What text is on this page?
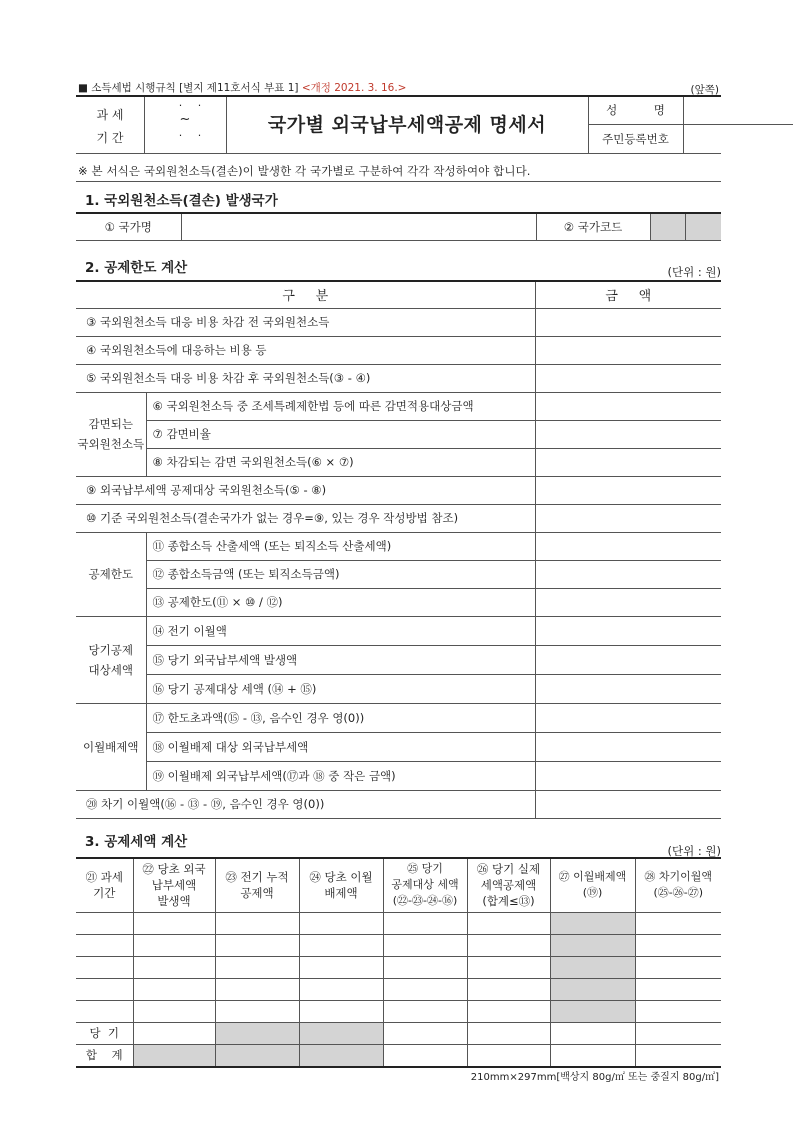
■ 소득세법 시행규칙 [별지 제11호서식 부표 1] <개정 2021. 3. 16.>	(앞쪽)
과 세
기 간
· ·
~
· ·	국가별 외국납부세액공제 명세서
성          명
주민등록번호
※ 본 서식은 국외원천소득(결손)이 발생한 각 국가별로 구분하여 각각 작성하여야 합니다.
1. 국외원천소득(결손) 발생국가
① 국가명		② 국가코드		
2. 공제한도 계산	(단위 : 원)
구     분		금     액
③ 국외원천소득 대응 비용 차감 전 국외원천소득		
④ 국외원천소득에 대응하는 비용 등		
⑤ 국외원천소득 대응 비용 차감 후 국외원천소득(③ - ④)		
감면되는
국외원천소득	⑥ 국외원천소득 중 조세특례제한법 등에 따른 감면적용대상금액	
	⑦ 감면비율	
	⑧ 차감되는 감면 국외원천소득(⑥ × ⑦)	
⑨ 외국납부세액 공제대상 국외원천소득(⑤ - ⑧)		
⑩ 기준 국외원천소득(결손국가가 없는 경우=⑨, 있는 경우 작성방법 참조)		
공제한도	⑪ 종합소득 산출세액 (또는 퇴직소득 산출세액)	
	⑫ 종합소득금액 (또는 퇴직소득금액)	
	⑬ 공제한도(⑪ × ⑩ / ⑫)	
당기공제
대상세액	⑭ 전기 이월액	
	⑮ 당기 외국납부세액 발생액	
	⑯ 당기 공제대상 세액 (⑭ + ⑮)	
이월배제액	⑰ 한도초과액(⑮ - ⑬, 음수인 경우 영(0))	
	⑱ 이월배제 대상 외국납부세액	
	⑲ 이월배제 외국납부세액(⑰과 ⑱ 중 작은 금액)	
⑳ 차기 이월액(⑯ - ⑬ - ⑲, 음수인 경우 영(0))		
3. 공제세액 계산
(단위 : 원)
㉑ 과세
기간	㉒ 당초 외국
납부세액
발생액	㉓ 전기 누적
공제액	㉔ 당초 이월
배제액	㉕ 당기
공제대상 세액
(㉒-㉓-㉔-⑯)	㉖ 당기 실제
세액공제액
(합계≤⑬)	㉗ 이월배제액
(⑲)	㉘ 차기이월액
(㉕-㉖-㉗)

당  기							
합    계							
210mm×297mm[백상지 80g/㎡ 또는 중질지 80g/㎡]
